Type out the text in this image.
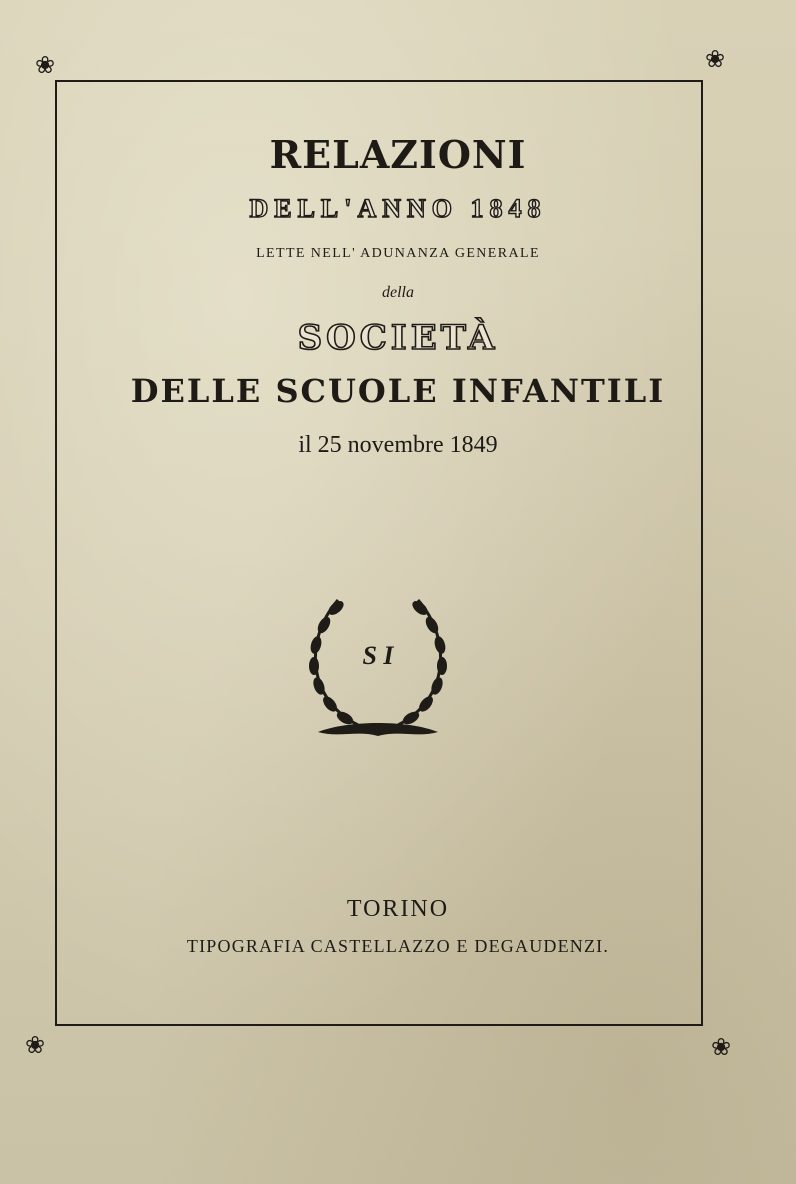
❀	❀
❀	❀
RELAZIONI
DELL'ANNO 1848
LETTE NELL' ADUNANZA GENERALE
della
SOCIETÀ
DELLE SCUOLE INFANTILI
il 25 novembre 1849
S I
TORINO
TIPOGRAFIA CASTELLAZZO E DEGAUDENZI.
